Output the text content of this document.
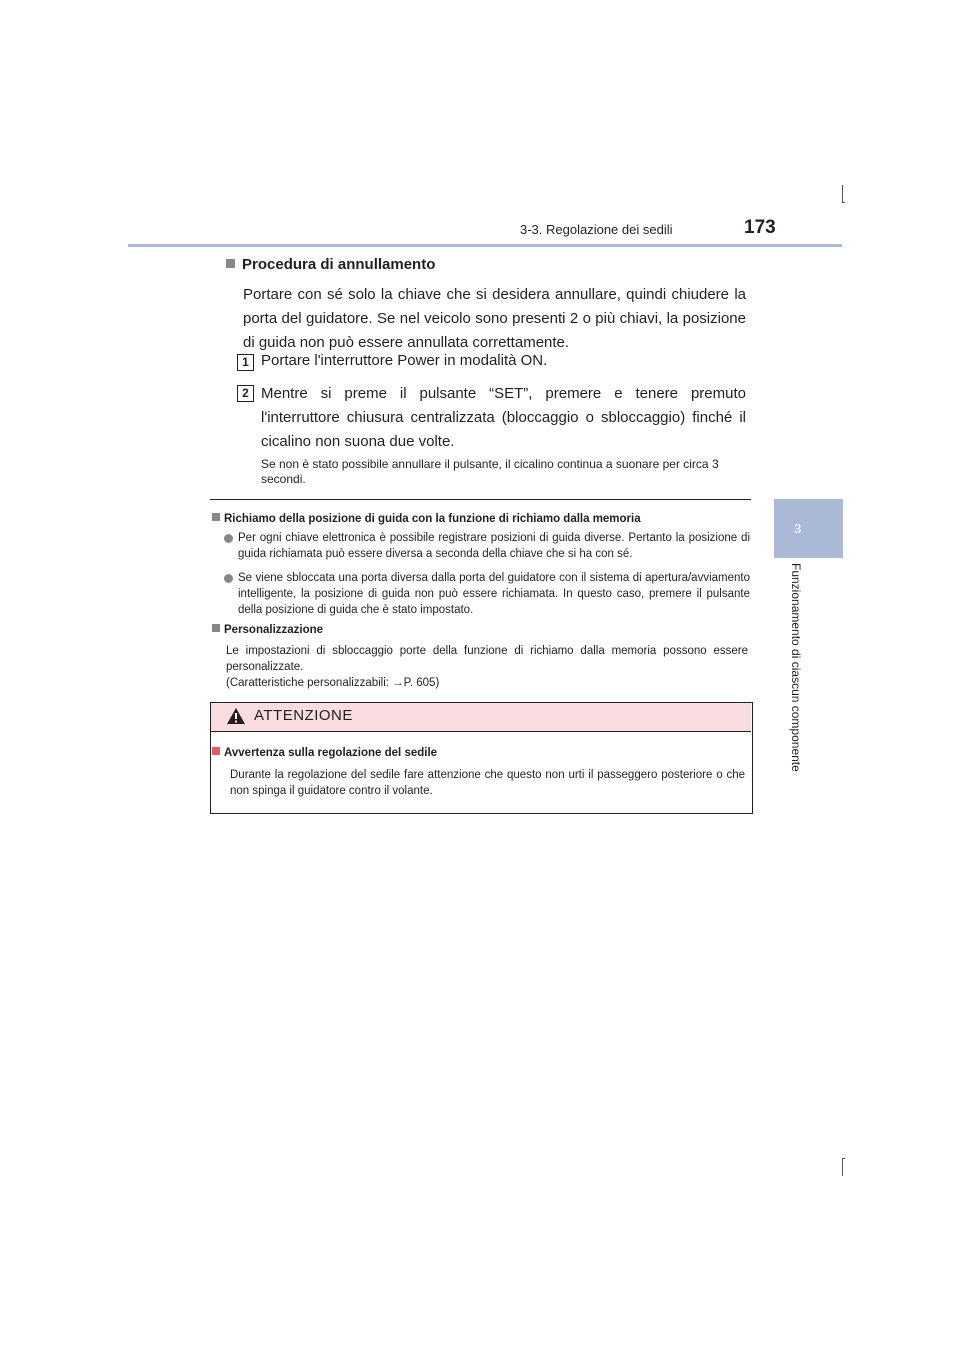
3-3. Regolazione dei sedili	173
3
Funzionamento di ciascun componente
Procedura di annullamento
Portare con sé solo la chiave che si desidera annullare, quindi chiudere la porta del guidatore. Se nel veicolo sono presenti 2 o più chiavi, la posizione di guida non può essere annullata correttamente.
1 Portare l'interruttore Power in modalità ON.
2 Mentre si preme il pulsante “SET”, premere e tenere premuto l'interruttore chiusura centralizzata (bloccaggio o sbloccaggio) finché il cicalino non suona due volte.
Se non è stato possibile annullare il pulsante, il cicalino continua a suonare per circa 3 secondi.
Richiamo della posizione di guida con la funzione di richiamo dalla memoria
Per ogni chiave elettronica è possibile registrare posizioni di guida diverse. Pertanto la posizione di guida richiamata può essere diversa a seconda della chiave che si ha con sé.
Se viene sbloccata una porta diversa dalla porta del guidatore con il sistema di apertura/avviamento intelligente, la posizione di guida non può essere richiamata. In questo caso, premere il pulsante della posizione di guida che è stato impostato.
Personalizzazione
Le impostazioni di sbloccaggio porte della funzione di richiamo dalla memoria possono essere personalizzate.
(Caratteristiche personalizzabili: →P. 605)
ATTENZIONE
Avvertenza sulla regolazione del sedile
Durante la regolazione del sedile fare attenzione che questo non urti il passeggero posteriore o che non spinga il guidatore contro il volante.
